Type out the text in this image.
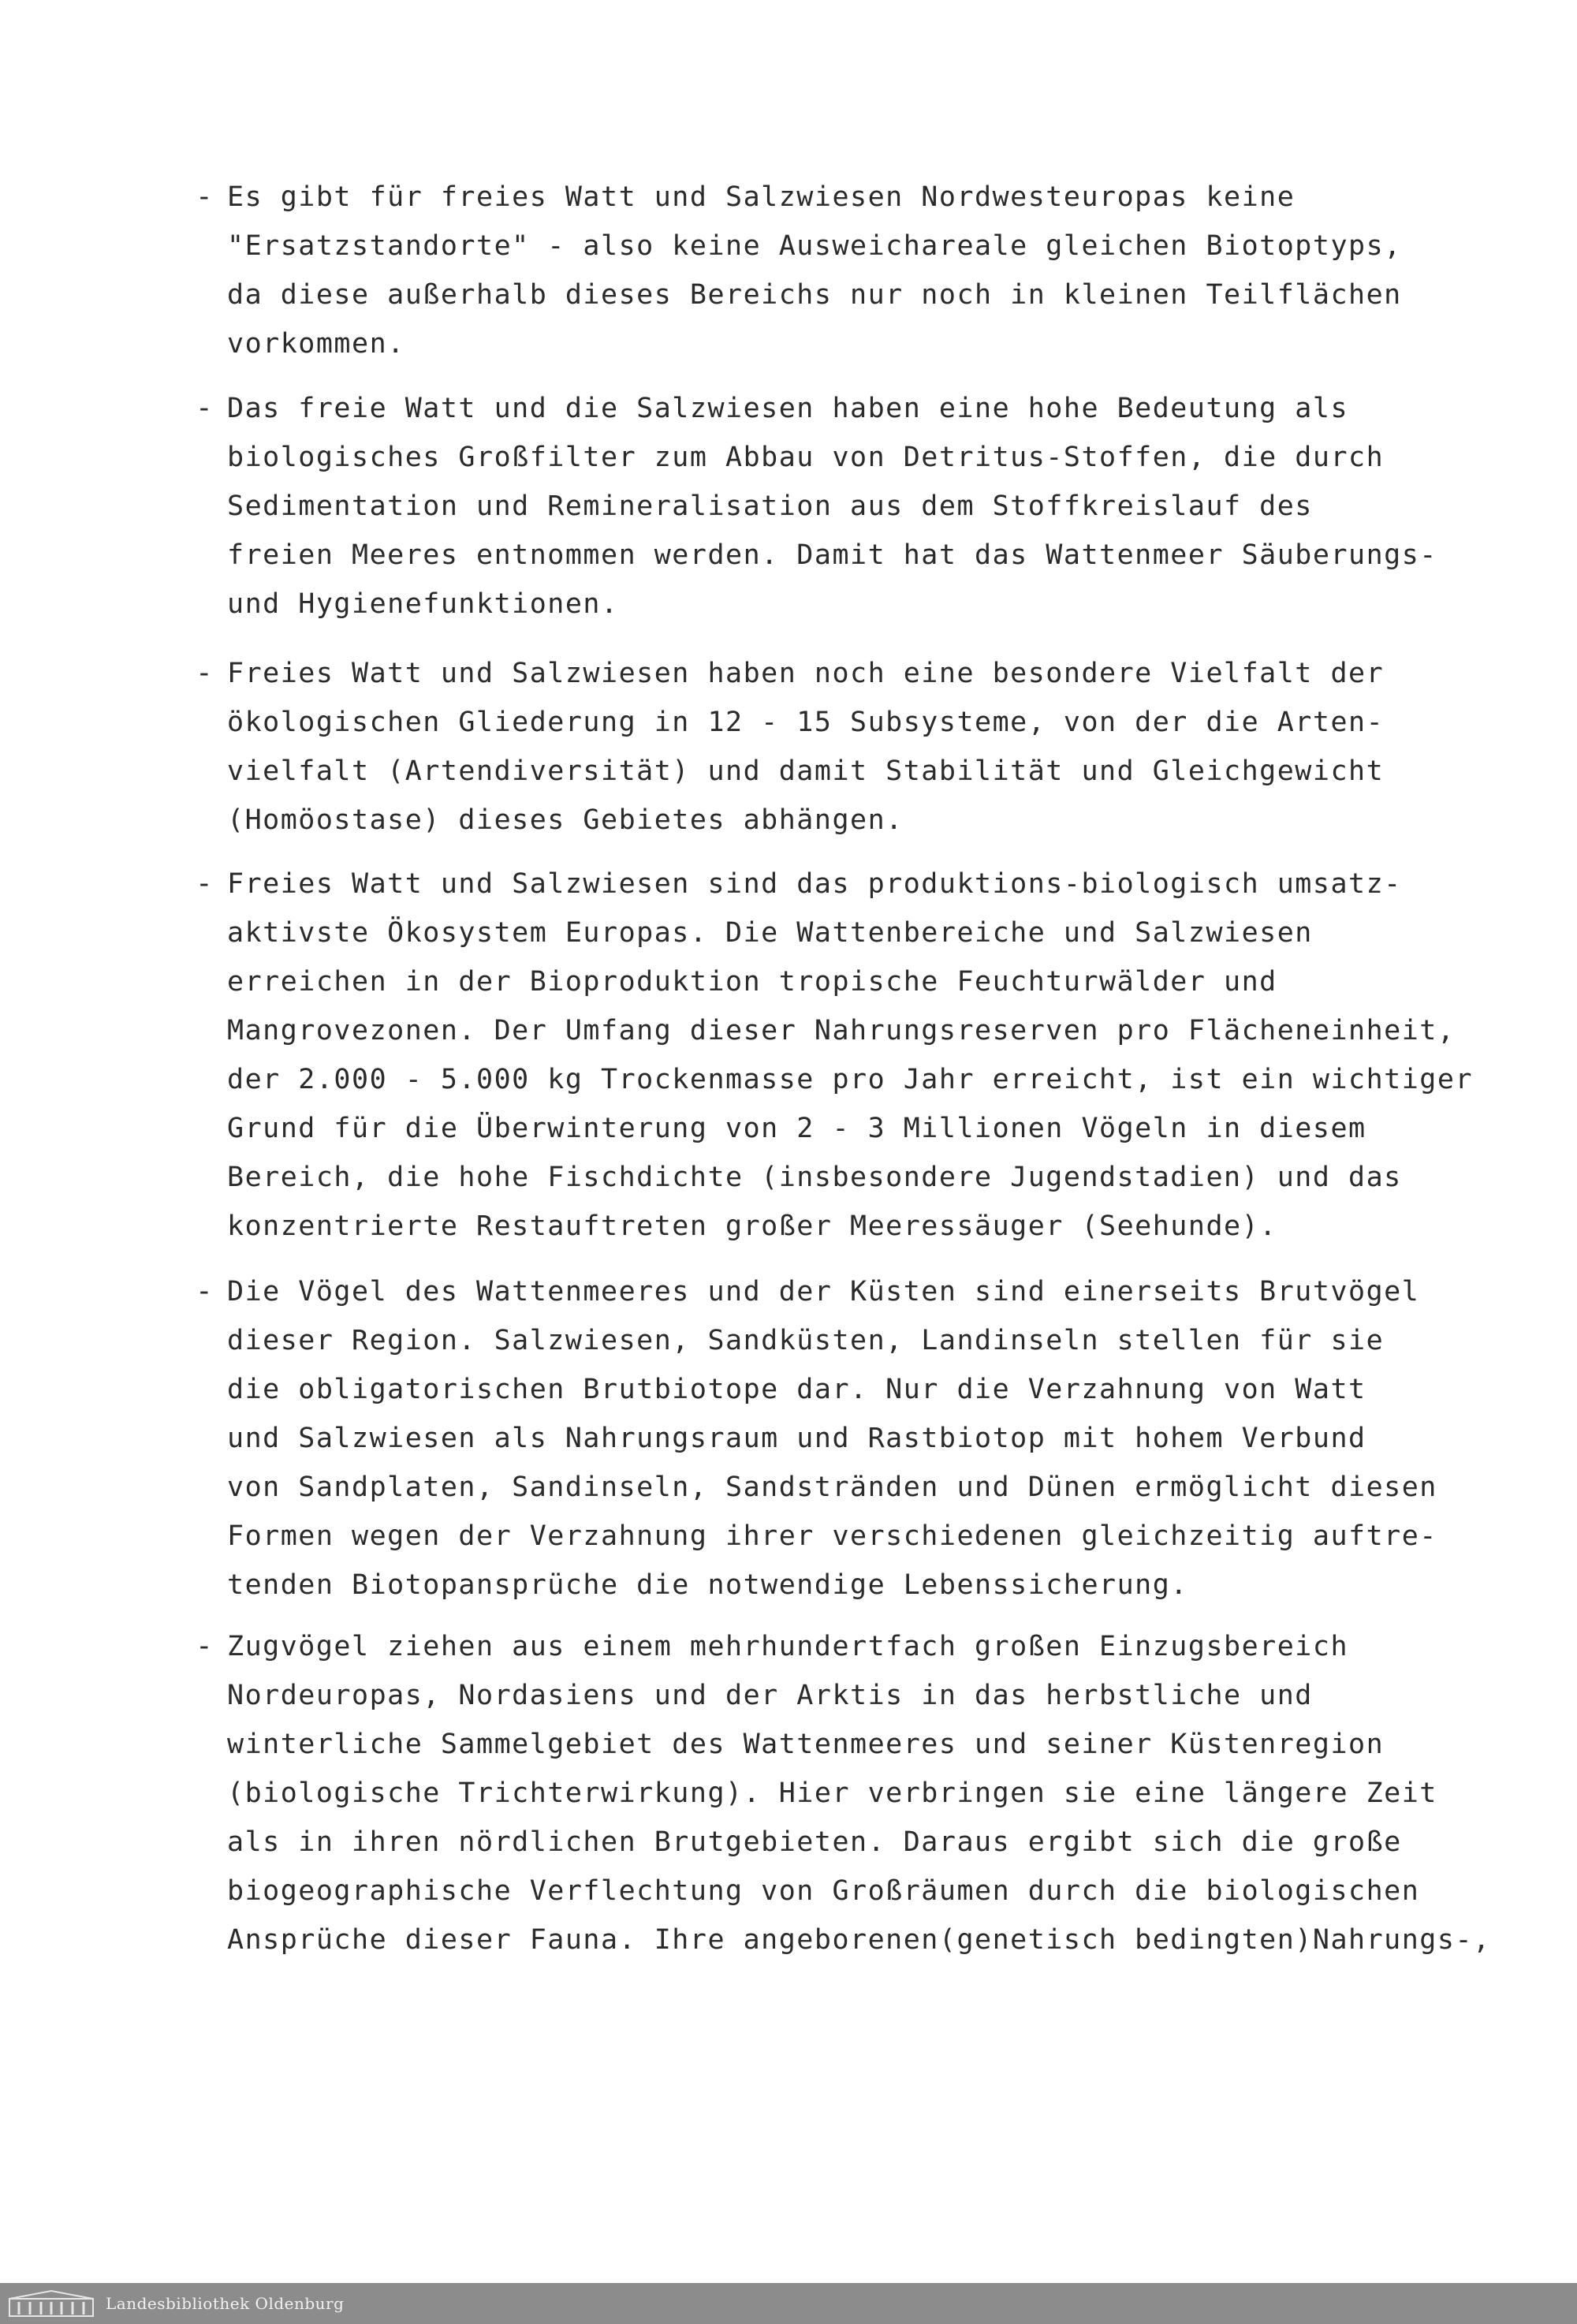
- Es gibt für freies Watt und Salzwiesen Nordwesteuropas keine
"Ersatzstandorte" - also keine Ausweichareale gleichen Biotoptyps,
da diese außerhalb dieses Bereichs nur noch in kleinen Teilflächen
vorkommen.
- Das freie Watt und die Salzwiesen haben eine hohe Bedeutung als
biologisches Großfilter zum Abbau von Detritus-Stoffen, die durch
Sedimentation und Remineralisation aus dem Stoffkreislauf des
freien Meeres entnommen werden. Damit hat das Wattenmeer Säuberungs-
und Hygienefunktionen.
- Freies Watt und Salzwiesen haben noch eine besondere Vielfalt der
ökologischen Gliederung in 12 - 15 Subsysteme, von der die Arten-
vielfalt (Artendiversität) und damit Stabilität und Gleichgewicht
(Homöostase) dieses Gebietes abhängen.
- Freies Watt und Salzwiesen sind das produktions-biologisch umsatz-
aktivste Ökosystem Europas. Die Wattenbereiche und Salzwiesen
erreichen in der Bioproduktion tropische Feuchturwälder und
Mangrovezonen. Der Umfang dieser Nahrungsreserven pro Flächeneinheit,
der 2.000 - 5.000 kg Trockenmasse pro Jahr erreicht, ist ein wichtiger
Grund für die Überwinterung von 2 - 3 Millionen Vögeln in diesem
Bereich, die hohe Fischdichte (insbesondere Jugendstadien) und das
konzentrierte Restauftreten großer Meeressäuger (Seehunde).
- Die Vögel des Wattenmeeres und der Küsten sind einerseits Brutvögel
dieser Region. Salzwiesen, Sandküsten, Landinseln stellen für sie
die obligatorischen Brutbiotope dar. Nur die Verzahnung von Watt
und Salzwiesen als Nahrungsraum und Rastbiotop mit hohem Verbund
von Sandplaten, Sandinseln, Sandstränden und Dünen ermöglicht diesen
Formen wegen der Verzahnung ihrer verschiedenen gleichzeitig auftre-
tenden Biotopansprüche die notwendige Lebenssicherung.
- Zugvögel ziehen aus einem mehrhundertfach großen Einzugsbereich
Nordeuropas, Nordasiens und der Arktis in das herbstliche und
winterliche Sammelgebiet des Wattenmeeres und seiner Küstenregion
(biologische Trichterwirkung). Hier verbringen sie eine längere Zeit
als in ihren nördlichen Brutgebieten. Daraus ergibt sich die große
biogeographische Verflechtung von Großräumen durch die biologischen
Ansprüche dieser Fauna. Ihre angeborenen(genetisch bedingten)Nahrungs-,
Landesbibliothek Oldenburg
